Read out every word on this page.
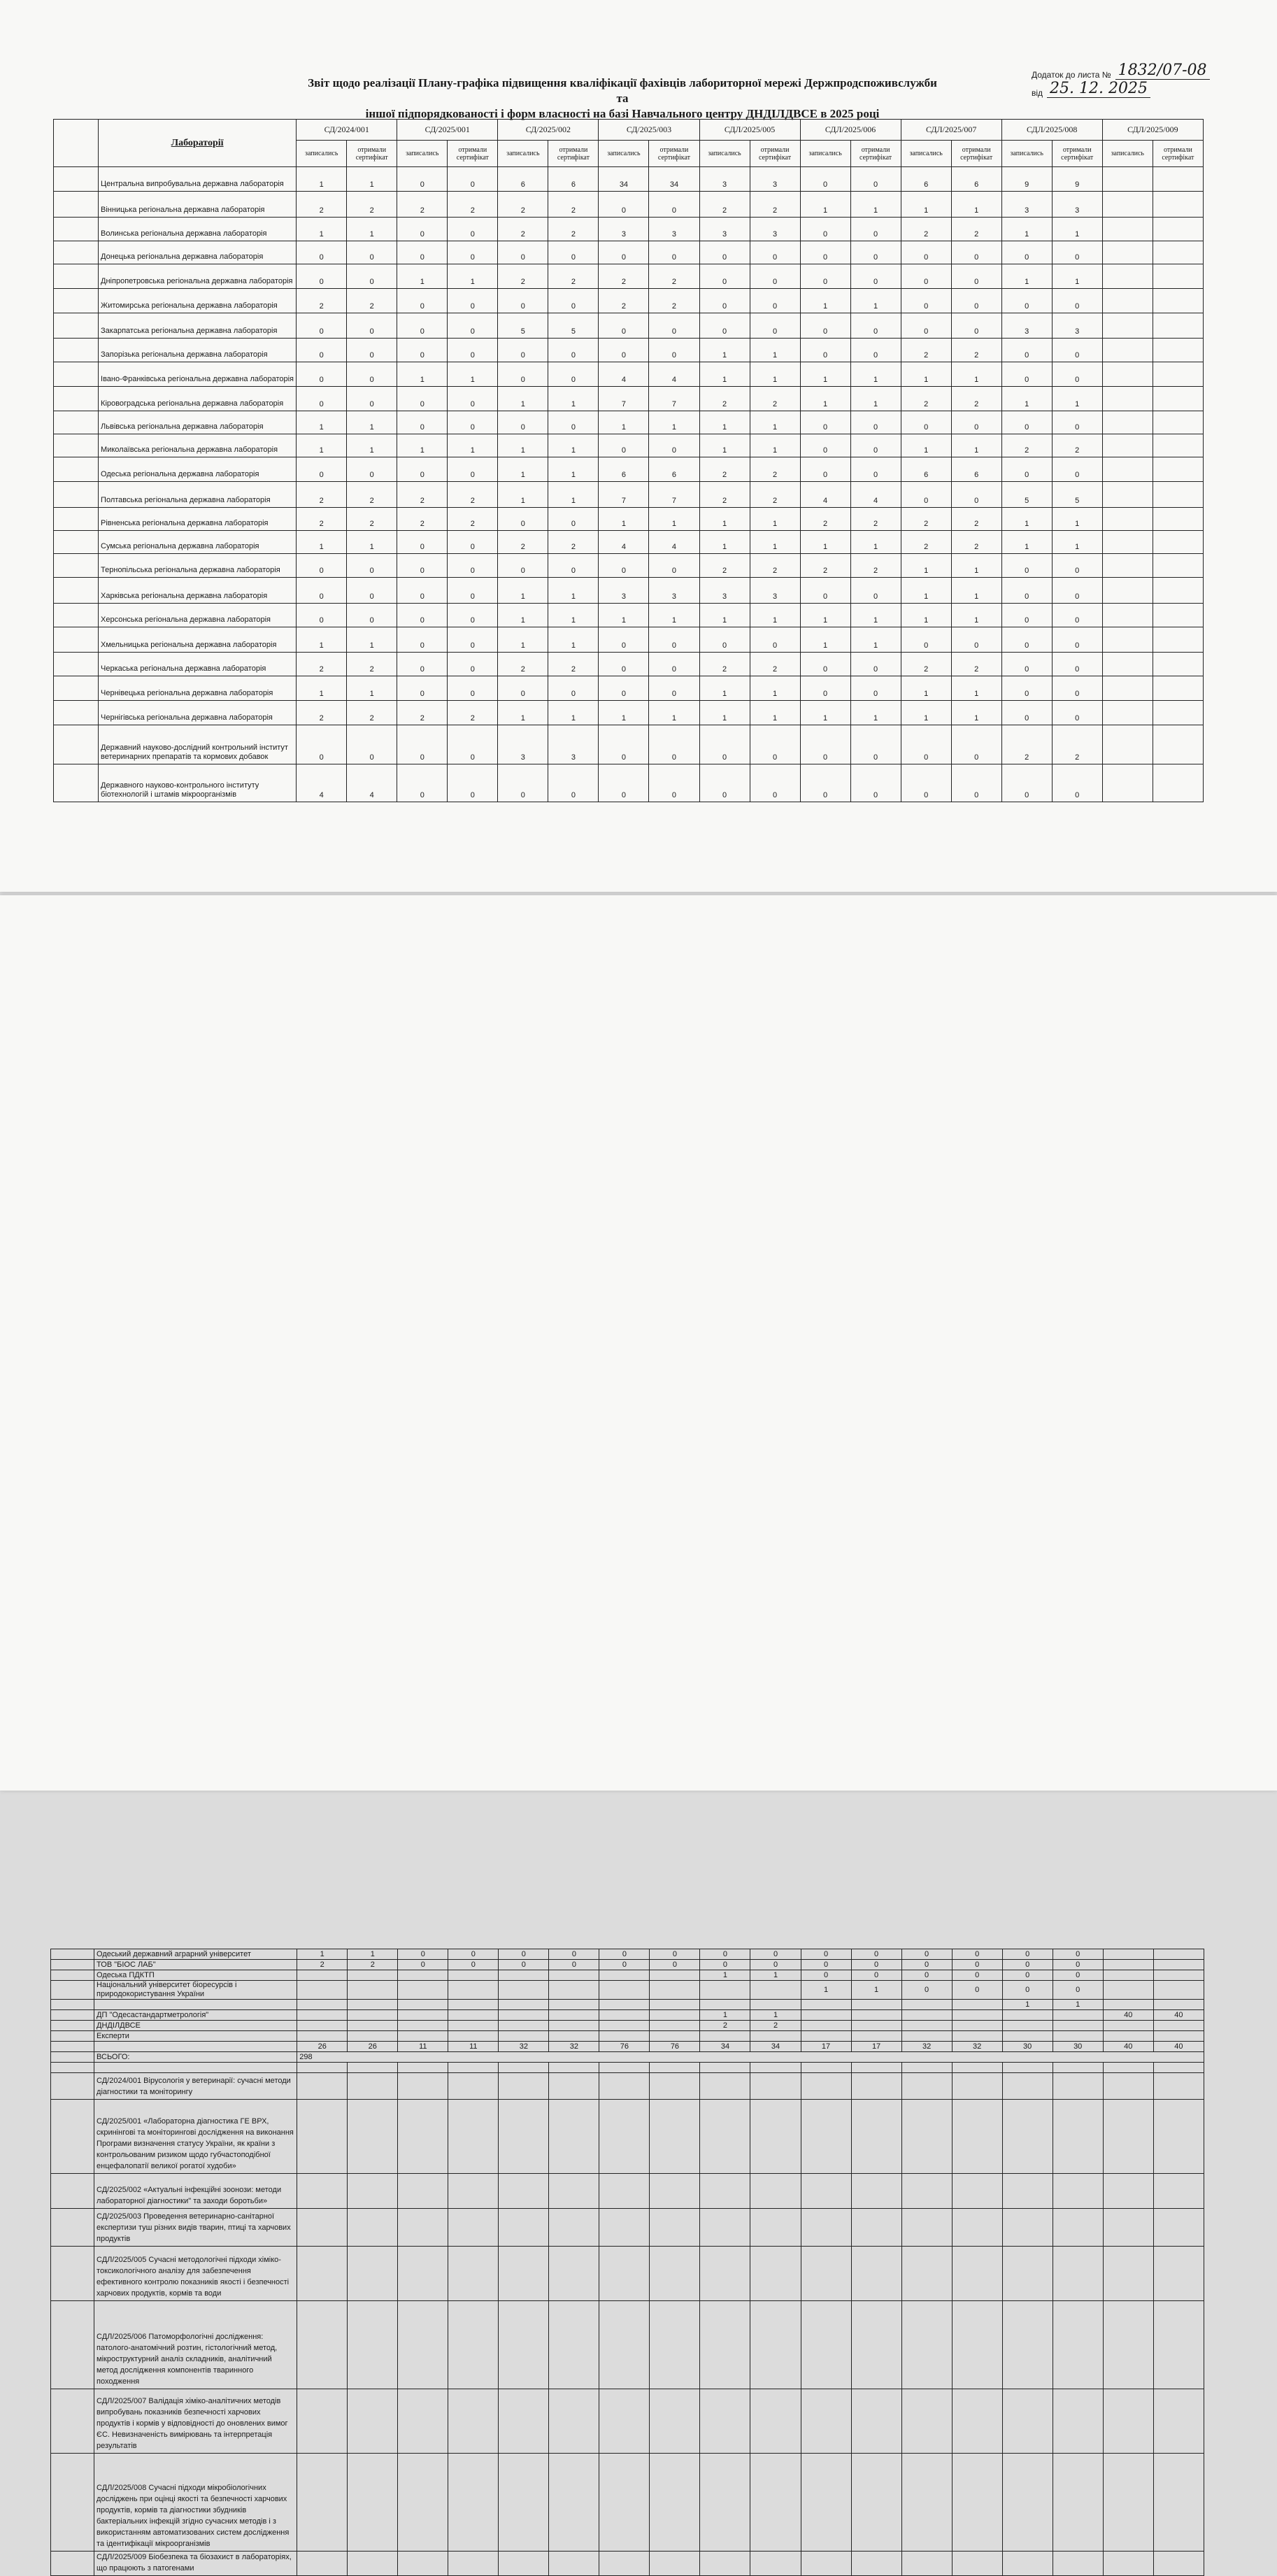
Звіт щодо реалізації Плану-графіка підвищення кваліфікації фахівців лабориторної мережі Держпродспоживслужби та
іншої підпорядкованості і форм власності на базі Навчального центру ДНДІЛДВСЕ в 2025 році
Додаток до листа № 1832/07-08
від 25. 12. 2025
	Лабораторії	СД/2024/001		СД/2025/001		СД/2025/002		СД/2025/003		СДЛ/2025/005		СДЛ/2025/006		СДЛ/2025/007		СДЛ/2025/008		СДЛ/2025/009	
		записались	отримали сертифікат	записались	отримали сертифікат	записались	отримали сертифікат	записались	отримали сертифікат	записались	отримали сертифікат	записались	отримали сертифікат	записались	отримали сертифікат	записались	отримали сертифікат	записались	отримали сертифікат
	Центральна випробувальна державна лабораторія	1	1	0	0	6	6	34	34	3	3	0	0	6	6	9	9		
	Вінницька регіональна державна лабораторія	2	2	2	2	2	2	0	0	2	2	1	1	1	1	3	3		
	Волинська регіональна державна лабораторія	1	1	0	0	2	2	3	3	3	3	0	0	2	2	1	1		
	Донецька регіональна державна лабораторія	0	0	0	0	0	0	0	0	0	0	0	0	0	0	0	0		
	Дніпропетровська регіональна державна лабораторія	0	0	1	1	2	2	2	2	0	0	0	0	0	0	1	1		
	Житомирська регіональна державна лабораторія	2	2	0	0	0	0	2	2	0	0	1	1	0	0	0	0		
	Закарпатська регіональна державна лабораторія	0	0	0	0	5	5	0	0	0	0	0	0	0	0	3	3		
	Запорізька регіональна державна лабораторія	0	0	0	0	0	0	0	0	1	1	0	0	2	2	0	0		
	Івано-Франківська регіональна державна лабораторія	0	0	1	1	0	0	4	4	1	1	1	1	1	1	0	0		
	Кіровоградська регіональна державна лабораторія	0	0	0	0	1	1	7	7	2	2	1	1	2	2	1	1		
	Львівська регіональна державна лабораторія	1	1	0	0	0	0	1	1	1	1	0	0	0	0	0	0		
	Миколаївська регіональна державна лабораторія	1	1	1	1	1	1	0	0	1	1	0	0	1	1	2	2		
	Одеська регіональна державна лабораторія	0	0	0	0	1	1	6	6	2	2	0	0	6	6	0	0		
	Полтавська регіональна державна лабораторія	2	2	2	2	1	1	7	7	2	2	4	4	0	0	5	5		
	Рівненська регіональна державна лабораторія	2	2	2	2	0	0	1	1	1	1	2	2	2	2	1	1		
	Сумська регіональна державна лабораторія	1	1	0	0	2	2	4	4	1	1	1	1	2	2	1	1		
	Тернопільська регіональна державна лабораторія	0	0	0	0	0	0	0	0	2	2	2	2	1	1	0	0		
	Харківська регіональна державна лабораторія	0	0	0	0	1	1	3	3	3	3	0	0	1	1	0	0		
	Херсонська регіональна державна лабораторія	0	0	0	0	1	1	1	1	1	1	1	1	1	1	0	0		
	Хмельницька регіональна державна лабораторія	1	1	0	0	1	1	0	0	0	0	1	1	0	0	0	0		
	Черкаська регіональна державна лабораторія	2	2	0	0	2	2	0	0	2	2	0	0	2	2	0	0		
	Чернівецька регіональна державна лабораторія	1	1	0	0	0	0	0	0	1	1	0	0	1	1	0	0		
	Чернігівська регіональна державна лабораторія	2	2	2	2	1	1	1	1	1	1	1	1	1	1	0	0		
	Державний науково-дослідний контрольний інститут ветеринарних препаратів та кормових добавок	0	0	0	0	3	3	0	0	0	0	0	0	0	0	2	2		
	Державного науково-контрольного інституту біотехнологій і штамів мікроорганізмів	4	4	0	0	0	0	0	0	0	0	0	0	0	0	0	0		
	Одеський державний аграрний університет	1	1	0	0	0	0	0	0	0	0	0	0	0	0	0	0		
	ТОВ "БІОС ЛАБ"	2	2	0	0	0	0	0	0	0	0	0	0	0	0	0	0		
	Одеська ПДКТП									1	1	0	0	0	0	0	0		
	Національний університет біоресурсів і природокористування України											1	1	0	0	0	0		
																1	1		
	ДП "Одесастандартметрологія"									1	1							40	40
	ДНДІЛДВСЕ									2	2								
	Експерти																		
		26	26	11	11	32	32	76	76	34	34	17	17	32	32	30	30	40	40
	ВСЬОГО:	298																	

	СД/2024/001 Вірусологія у ветеринарії: сучасні методи діагностики та моніторингу																		
	СД/2025/001 «Лабораторна діагностика ГЕ ВРХ, скринінгові та моніторингові дослідження на виконання Програми визначення статусу України, як країни з контрольованим ризиком щодо губчастоподібної енцефалопатії великої рогатої худоби»																		
	СД/2025/002 «Актуальні інфекційні зоонози: методи лабораторної діагностики" та заходи боротьби»																		
	СД/2025/003 Проведення ветеринарно-санітарної експертизи туш різних видів тварин, птиці та харчових продуктів																		
	СДЛ/2025/005 Сучасні методологічні підходи хіміко-токсикологічного аналізу для забезпечення ефективного контролю показників якості і безпечності харчових продуктів, кормів та води																		
	СДЛ/2025/006 Патоморфологічні дослідження: патолого-анатомічний розтин, гістологічний метод, мікроструктурний аналіз складників, аналітичний метод дослідження компонентів тваринного походження																		
	СДЛ/2025/007 Валідація хіміко-аналітичних методів випробувань показників безпечності харчових продуктів і кормів у відповідності до оновлених вимог ЄС. Невизначеність вимірювань та інтерпретація результатів																		
	СДЛ/2025/008 Сучасні підходи мікробіологічних досліджень при оцінці якості та безпечності харчових продуктів, кормів та діагностики збудників бактеріальних інфекцій згідно сучасних методів і з використанням автоматизованих систем дослідження та ідентифікації мікроорганізмів																		
	СДЛ/2025/009 Біобезпека та біозахист в лабораторіях, що працюють з патогенами																		
